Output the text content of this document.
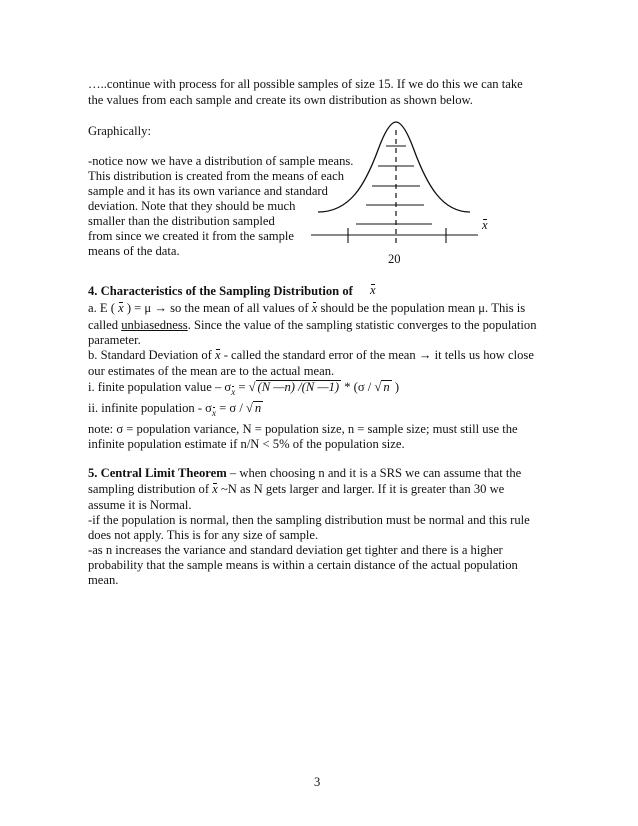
…..continue with process for all possible samples of size 15. If we do this we can take
the values from each sample and create its own distribution as shown below.
Graphically:
-notice now we have a distribution of sample means.
This distribution is created from the means of each
sample and it has its own variance and standard
deviation. Note that they should be much
smaller than the distribution sampled
from since we created it from the sample
means of the data.
x
20
4. Characteristics of the Sampling Distribution of x
a. E ( x ) = μ → so the mean of all values of x should be the population mean μ. This is
called unbiasedness. Since the value of the sampling statistic converges to the population
parameter.
b. Standard Deviation of x - called the standard error of the mean → it tells us how close
our estimates of the mean are to the actual mean.
i. finite population value – $\sigma_x$ = √ (N —n) /(N —1) * (σ / √ n )
ii. infinite population - $\sigma_x = \sigma$ / √ n
note: σ = population variance, N = population size, n = sample size; must still use the
infinite population estimate if n/N < 5% of the population size.
5. Central Limit Theorem – when choosing n and it is a SRS we can assume that the
sampling distribution of x ~N as N gets larger and larger. If it is greater than 30 we
assume it is Normal.
-if the population is normal, then the sampling distribution must be normal and this rule
does not apply. This is for any size of sample.
-as n increases the variance and standard deviation get tighter and there is a higher
probability that the sample means is within a certain distance of the actual population
mean.
3
